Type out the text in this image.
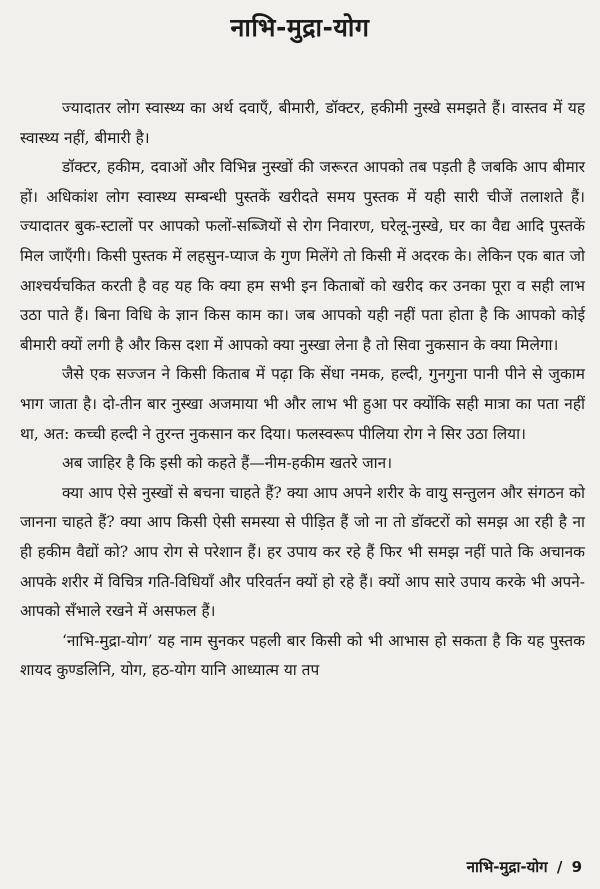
नाभि-मुद्रा-योग

ज्यादातर लोग स्वास्थ्य का अर्थ दवाएँ, बीमारी, डॉक्टर, हकीमी नुस्खे समझते हैं। वास्तव में यह स्वास्थ्य नहीं, बीमारी है।

डॉक्टर, हकीम, दवाओं और विभिन्न नुस्खों की जरूरत आपको तब पड़ती है जबकि आप बीमार हों। अधिकांश लोग स्वास्थ्य सम्बन्धी पुस्तकें खरीदते समय पुस्तक में यही सारी चीजें तलाशते हैं। ज्यादातर बुक-स्टालों पर आपको फलों-सब्जियों से रोग निवारण, घरेलू-नुस्खे, घर का वैद्य आदि पुस्तकें मिल जाएँगी। किसी पुस्तक में लहसुन-प्याज के गुण मिलेंगे तो किसी में अदरक के। लेकिन एक बात जो आश्चर्यचकित करती है वह यह कि क्या हम सभी इन किताबों को खरीद कर उनका पूरा व सही लाभ उठा पाते हैं। बिना विधि के ज्ञान किस काम का। जब आपको यही नहीं पता होता है कि आपको कोई बीमारी क्यों लगी है और किस दशा में आपको क्या नुस्खा लेना है तो सिवा नुकसान के क्या मिलेगा।

जैसे एक सज्जन ने किसी किताब में पढ़ा कि सेंधा नमक, हल्दी, गुनगुना पानी पीने से जुकाम भाग जाता है। दो-तीन बार नुस्खा अजमाया भी और लाभ भी हुआ पर क्योंकि सही मात्रा का पता नहीं था, अत: कच्ची हल्दी ने तुरन्त नुकसान कर दिया। फलस्वरूप पीलिया रोग ने सिर उठा लिया।

अब जाहिर है कि इसी को कहते हैं—नीम-हकीम खतरे जान।

क्या आप ऐसे नुस्खों से बचना चाहते हैं? क्या आप अपने शरीर के वायु सन्तुलन और संगठन को जानना चाहते हैं? क्या आप किसी ऐसी समस्या से पीड़ित हैं जो ना तो डॉक्टरों को समझ आ रही है ना ही हकीम वैद्यों को? आप रोग से परेशान हैं। हर उपाय कर रहे हैं फिर भी समझ नहीं पाते कि अचानक आपके शरीर में विचित्र गति-विधियाँ और परिवर्तन क्यों हो रहे हैं। क्यों आप सारे उपाय करके भी अपने-आपको सँभाले रखने में असफल हैं।

‘नाभि-मुद्रा-योग’ यह नाम सुनकर पहली बार किसी को भी आभास हो सकता है कि यह पुस्तक शायद कुण्डलिनि, योग, हठ-योग यानि आध्यात्म या तप

नाभि-मुद्रा-योग / 9
